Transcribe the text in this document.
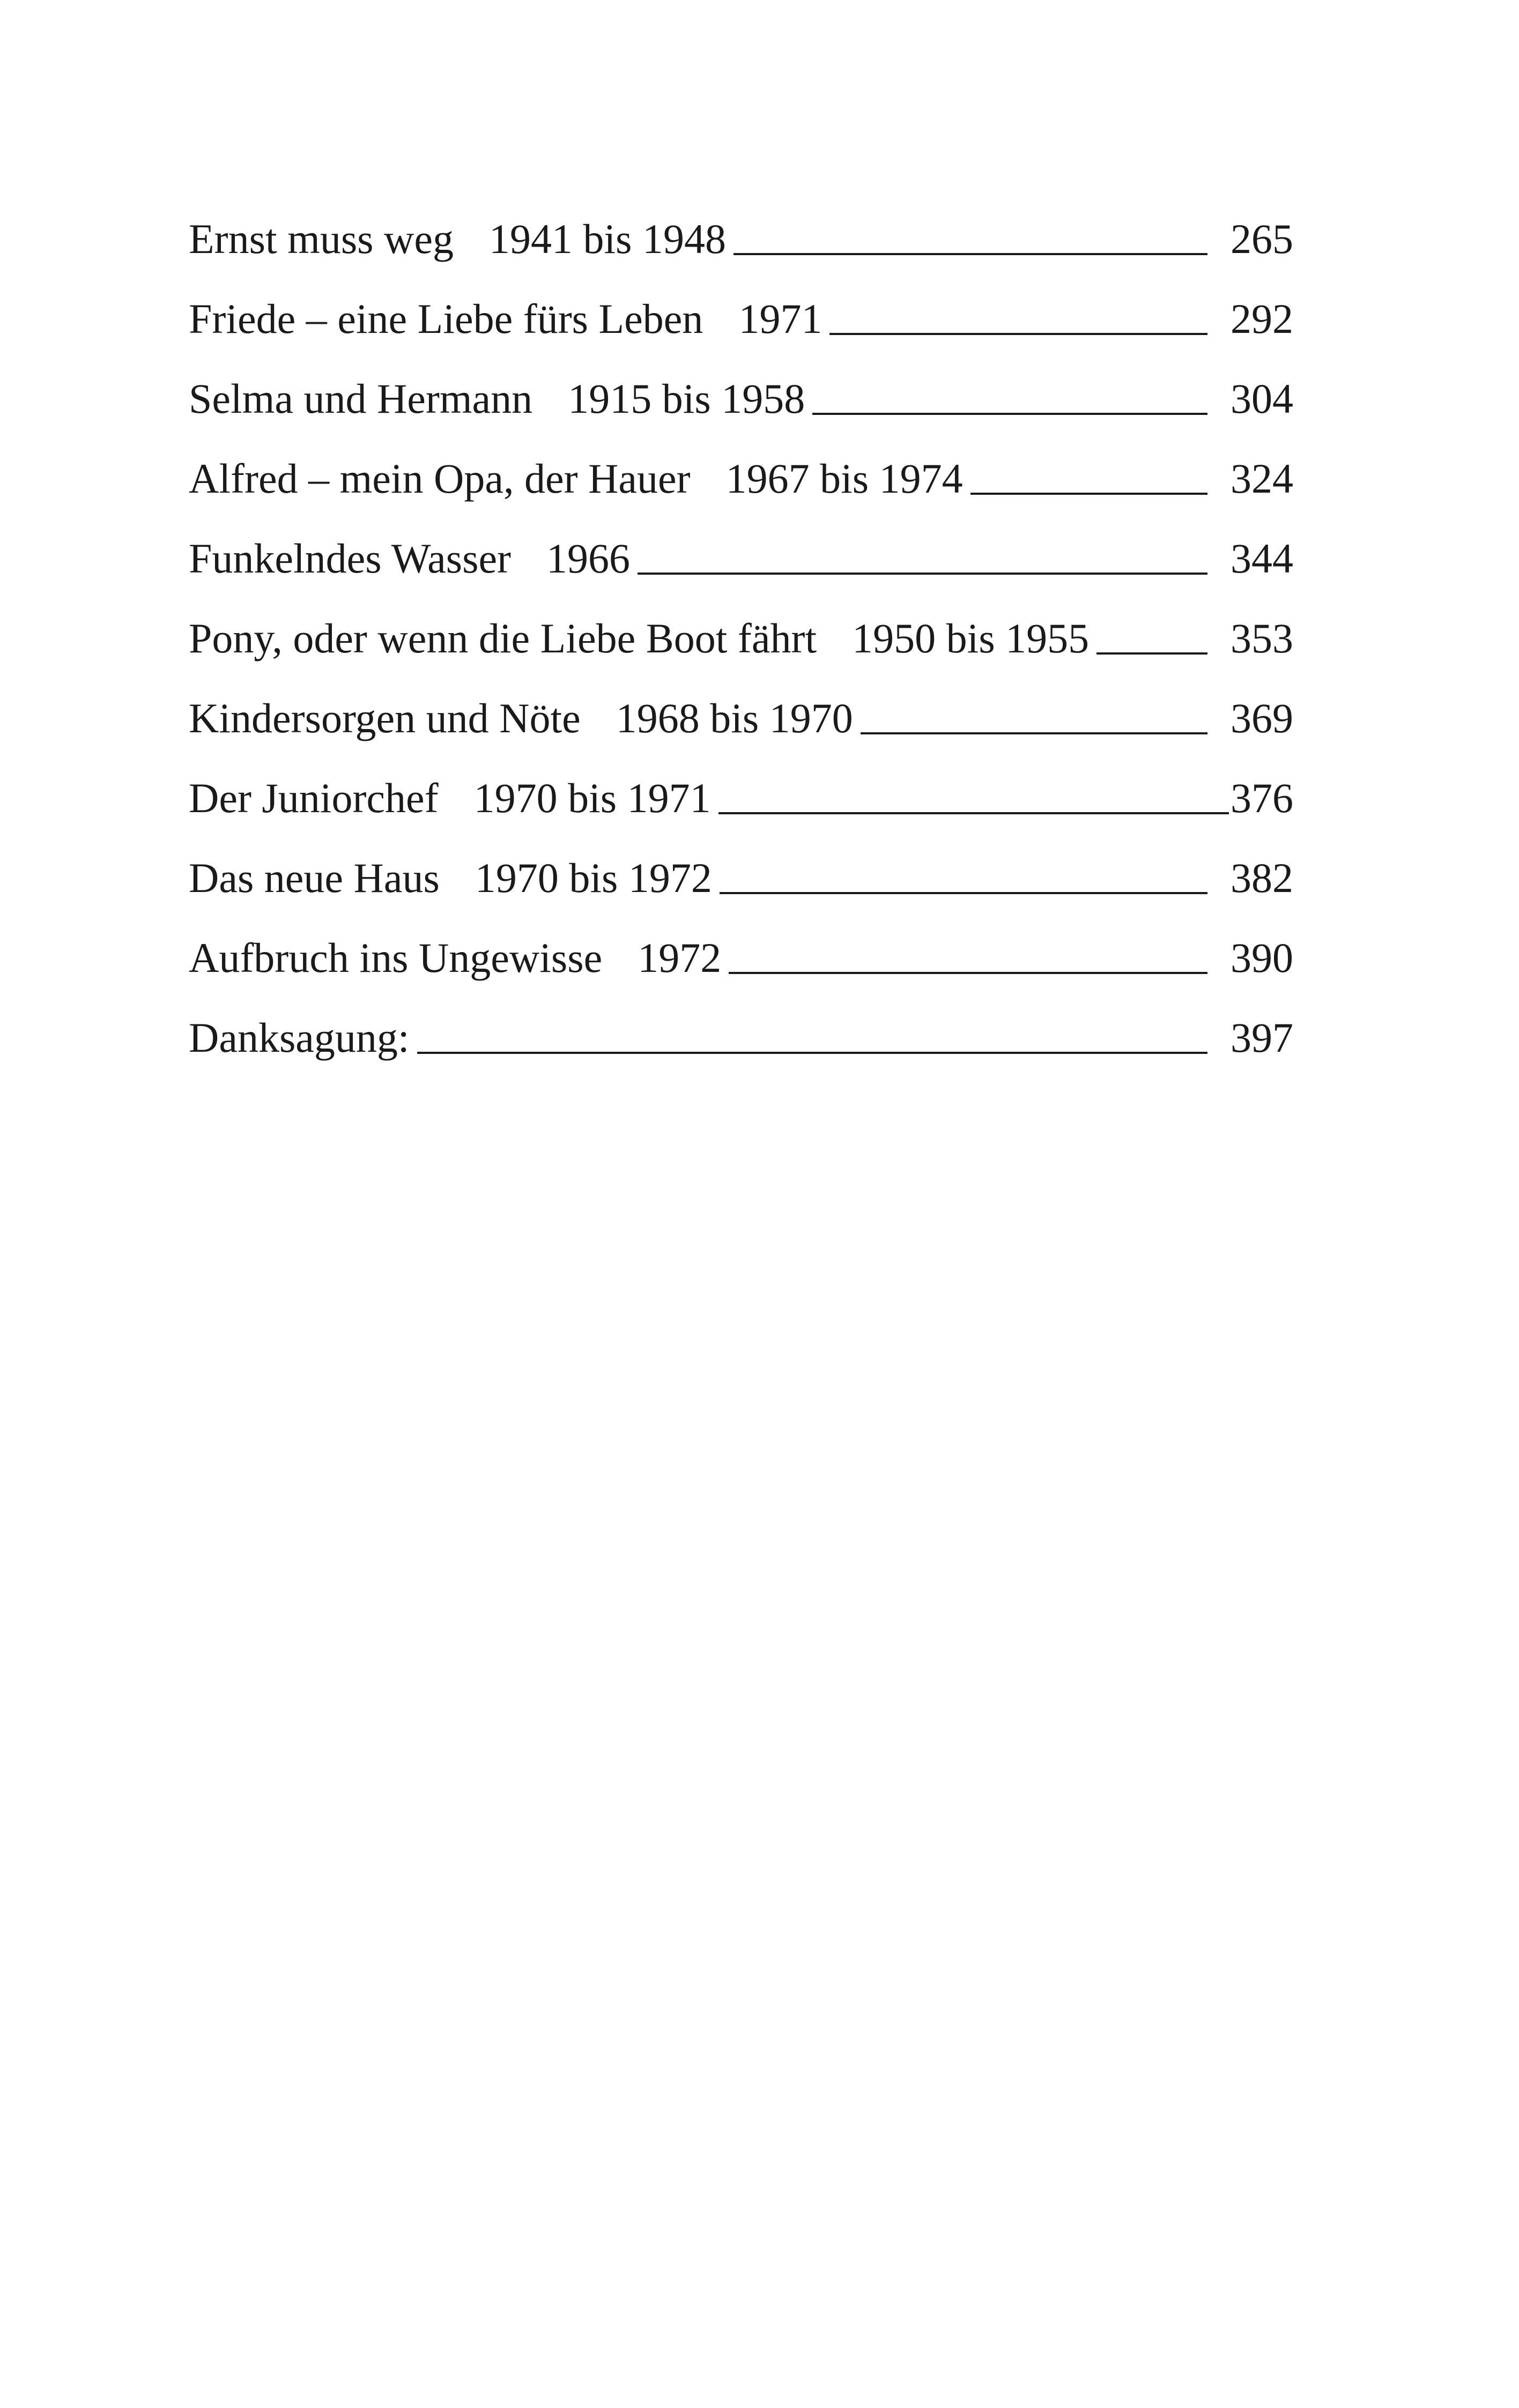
Ernst muss weg 1941 bis 1948	265
Friede – eine Liebe fürs Leben 1971	292
Selma und Hermann 1915 bis 1958	304
Alfred – mein Opa, der Hauer 1967 bis 1974	324
Funkelndes Wasser 1966	344
Pony, oder wenn die Liebe Boot fährt 1950 bis 1955	353
Kindersorgen und Nöte 1968 bis 1970	369
Der Juniorchef 1970 bis 1971	376
Das neue Haus 1970 bis 1972	382
Aufbruch ins Ungewisse 1972	390
Danksagung:	397
